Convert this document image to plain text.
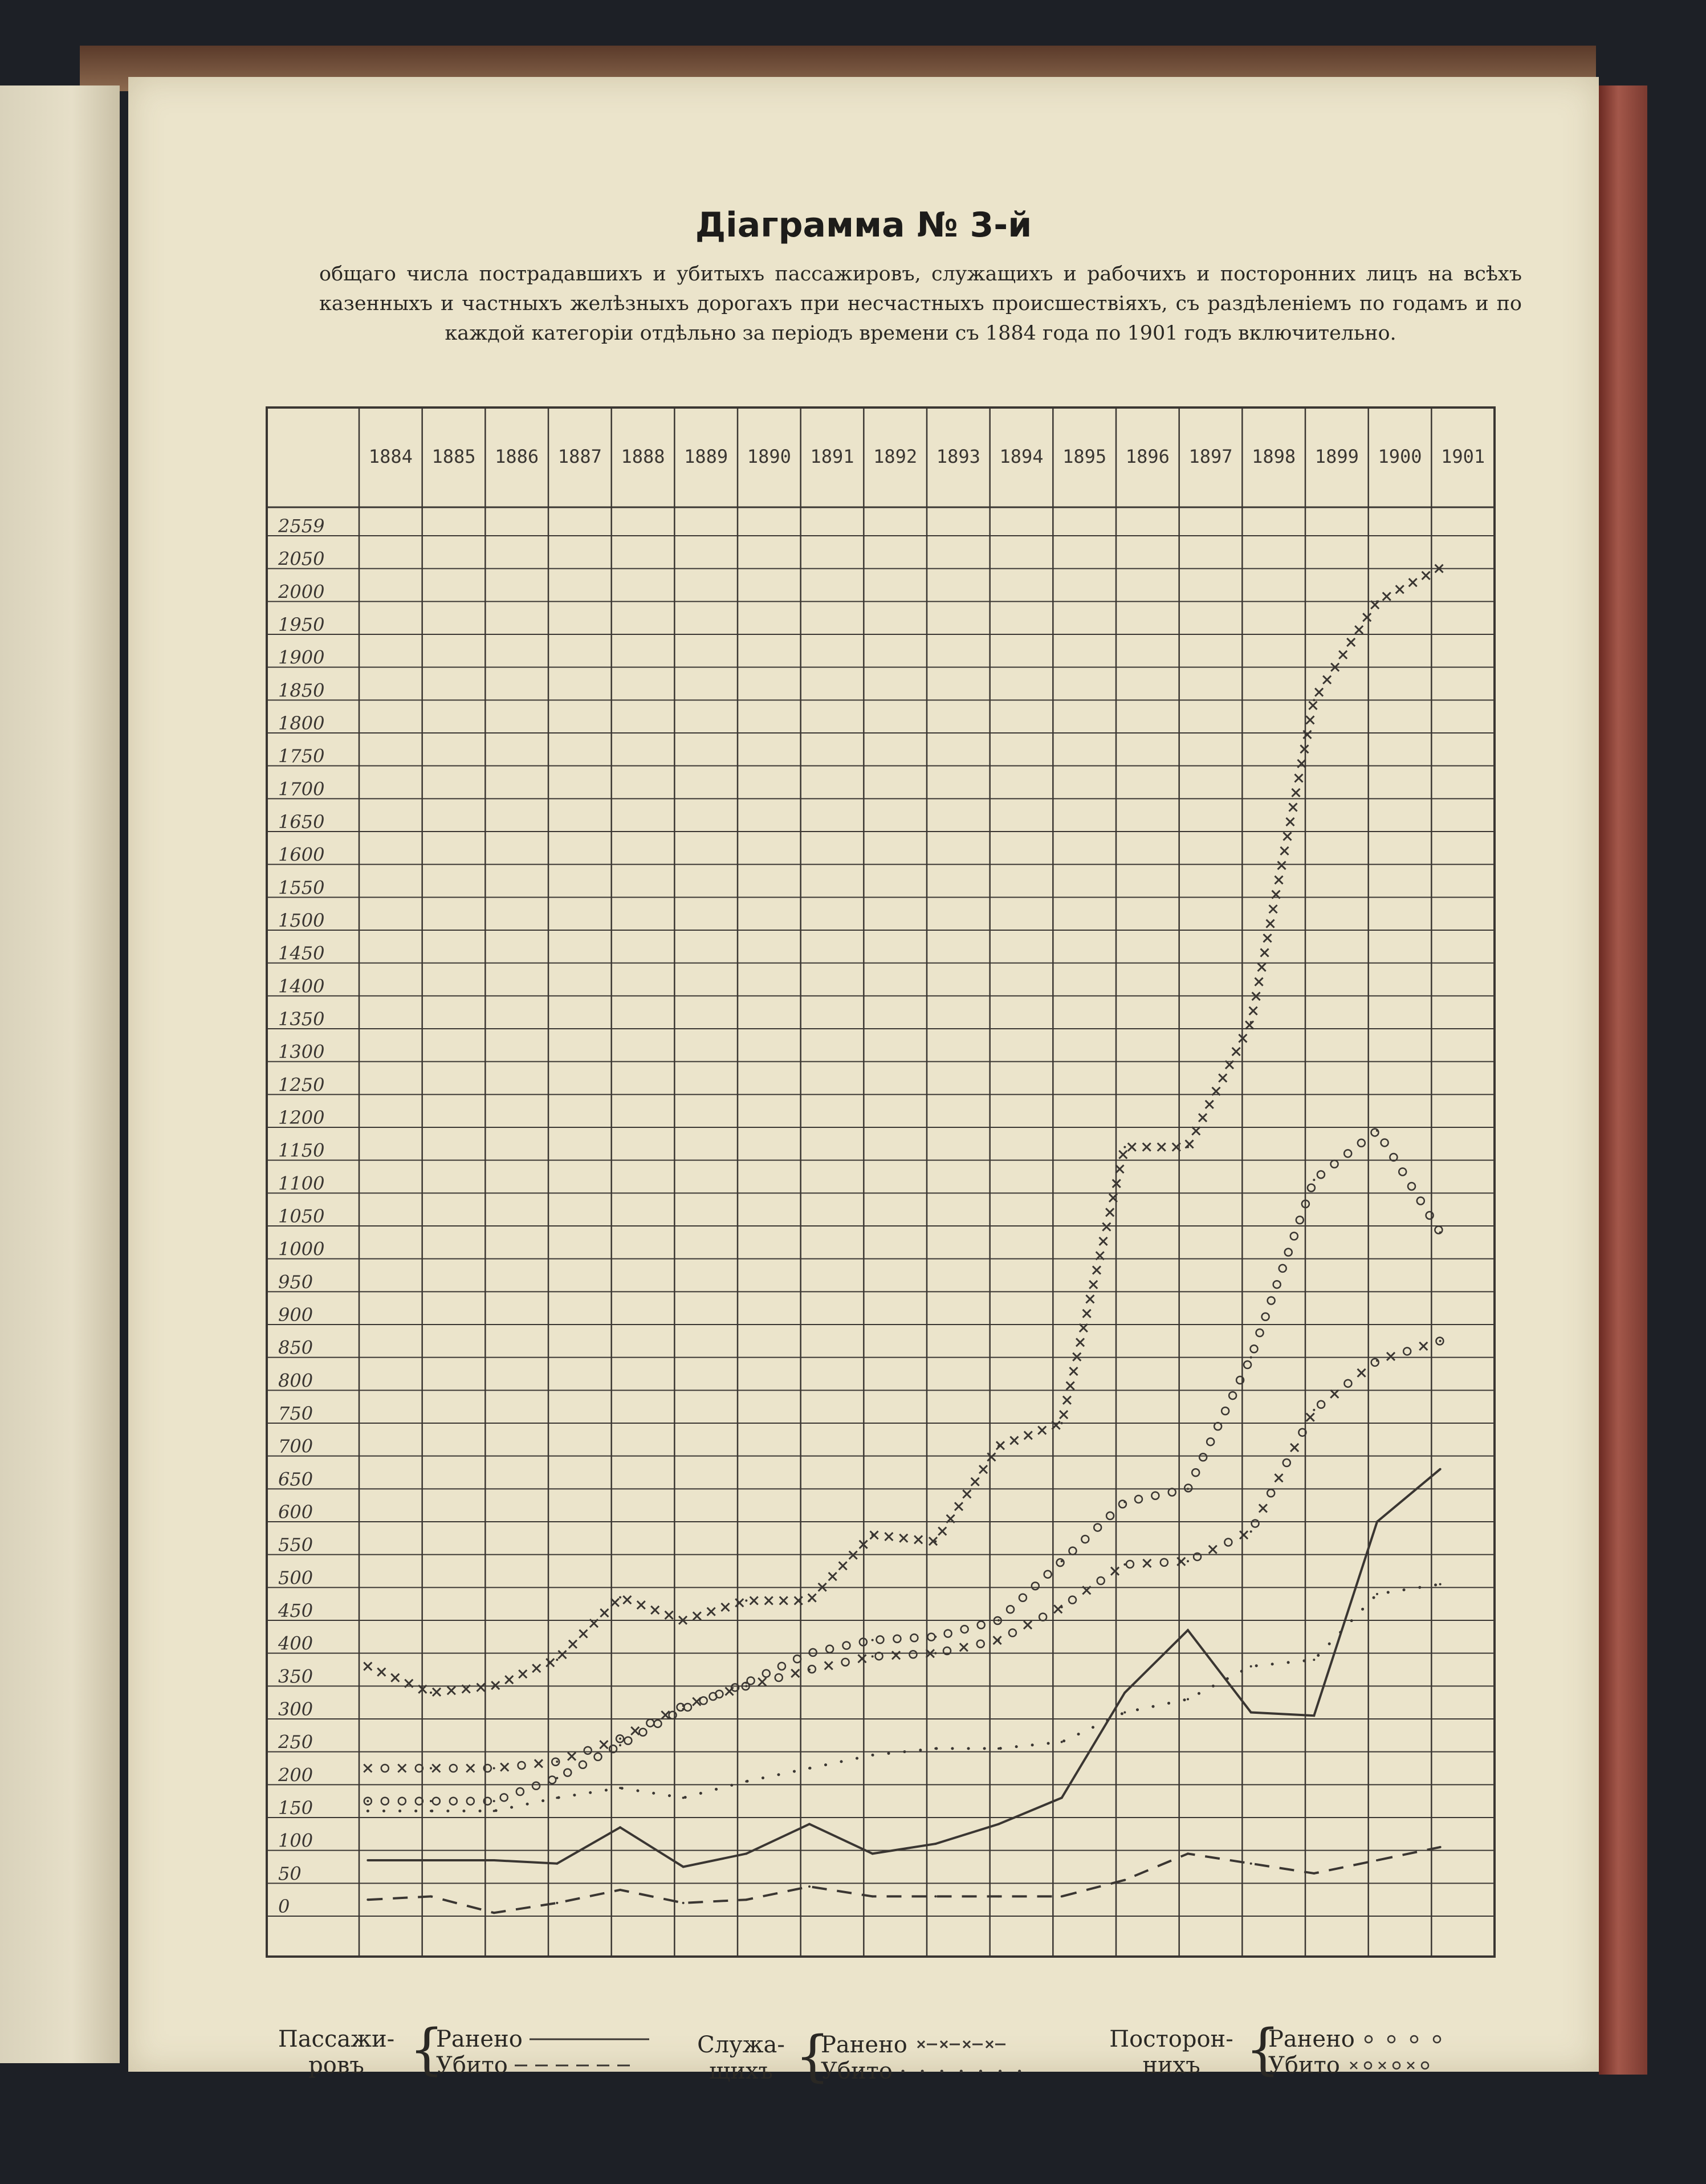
Діаграмма № 3-й
общаго числа пострадавшихъ и убитыхъ пассажировъ, служащихъ и рабочихъ и посторонних лицъ на всѣхъ казенныхъ и частныхъ желѣзныхъ дорогахъ при несчастныхъ происшествіяхъ, съ раздѣленіемъ по годамъ и по каждой категоріи отдѣльно за періодъ времени съ 1884 года по 1901 годъ включительно.
1884 1885 1886 1887 1888 1889 1890 1891 1892 1893 1894 1895 1896 1897 1898 1899 1900 1901
2559
2050
2000
1950
1900
1850
1800
1750
1700
1650
1600
1550
1500
1450
1400
1350
1300
1250
1200
1150
1100
1050
1000
950
900
850
800
750
700
650
600
550
500
450
400
350
300
250
200
150
100
50
0
Пассажи-ровъ {
Ранено
Убито
Служа-щихъ {
Ранено
Убито
Посторон-нихъ {
Ранено
Убито
